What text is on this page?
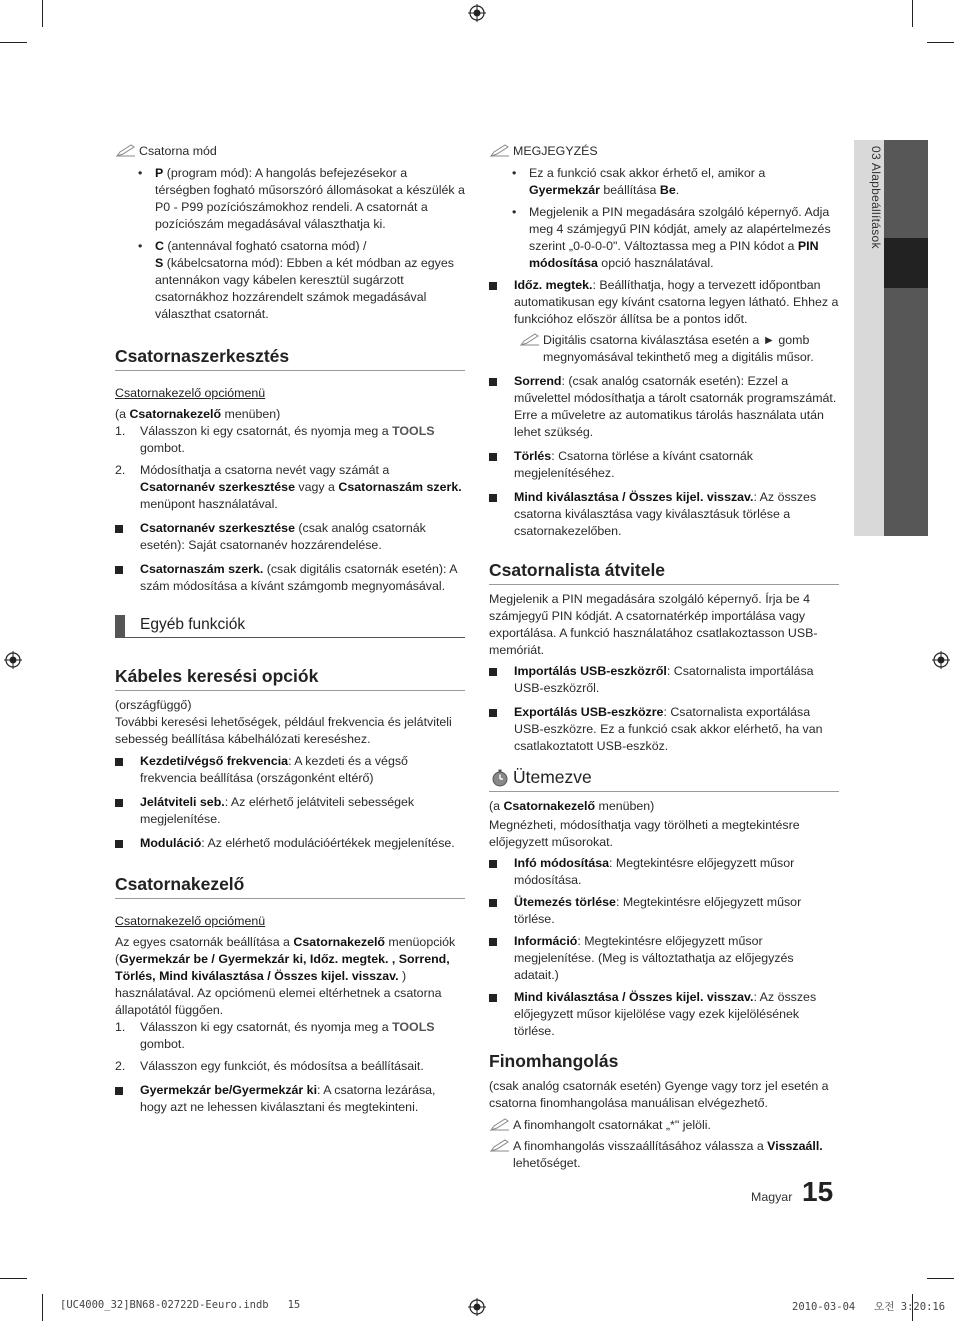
03 Alapbeállítások
Csatorna mód
• P (program mód): A hangolás befejezésekor a térségben fogható műsorszóró állomásokat a készülék a P0 - P99 pozíciószámokhoz rendeli. A csatornát a pozíciószám megadásával választhatja ki.
• C (antennával fogható csatorna mód) /
S (kábelcsatorna mód): Ebben a két módban az egyes antennákon vagy kábelen keresztül sugárzott csatornákhoz hozzárendelt számok megadásával választhat csatornát.
Csatornaszerkesztés
Csatornakezelő opciómenü
(a Csatornakezelő menüben)
1. Válasszon ki egy csatornát, és nyomja meg a TOOLS gombot.
2. Módosíthatja a csatorna nevét vagy számát a Csatornanév szerkesztése vagy a Csatornaszám szerk. menüpont használatával.
Csatornanév szerkesztése (csak analóg csatornák esetén): Saját csatornanév hozzárendelése.
Csatornaszám szerk. (csak digitális csatornák esetén): A szám módosítása a kívánt számgomb megnyomásával.
Egyéb funkciók
Kábeles keresési opciók
(országfüggő)
További keresési lehetőségek, például frekvencia és jelátviteli sebesség beállítása kábelhálózati kereséshez.
Kezdeti/végső frekvencia: A kezdeti és a végső frekvencia beállítása (országonként eltérő)
Jelátviteli seb.: Az elérhető jelátviteli sebességek megjelenítése.
Moduláció: Az elérhető modulációértékek megjelenítése.
Csatornakezelő
Csatornakezelő opciómenü
Az egyes csatornák beállítása a Csatornakezelő menüopciók (Gyermekzár be / Gyermekzár ki, Időz. megtek. , Sorrend, Törlés, Mind kiválasztása / Összes kijel. visszav. ) használatával. Az opciómenü elemei eltérhetnek a csatorna állapotától függően.
1. Válasszon ki egy csatornát, és nyomja meg a TOOLS gombot.
2. Válasszon egy funkciót, és módosítsa a beállításait.
Gyermekzár be/Gyermekzár ki: A csatorna lezárása, hogy azt ne lehessen kiválasztani és megtekinteni.
MEGJEGYZÉS
• Ez a funkció csak akkor érhető el, amikor a Gyermekzár beállítása Be.
• Megjelenik a PIN megadására szolgáló képernyő. Adja meg 4 számjegyű PIN kódját, amely az alapértelmezés szerint „0-0-0-0". Változtassa meg a PIN kódot a PIN módosítása opció használatával.
Időz. megtek.: Beállíthatja, hogy a tervezett időpontban automatikusan egy kívánt csatorna legyen látható. Ehhez a funkcióhoz először állítsa be a pontos időt.
Digitális csatorna kiválasztása esetén a ► gomb megnyomásával tekinthető meg a digitális műsor.
Sorrend: (csak analóg csatornák esetén): Ezzel a művelettel módosíthatja a tárolt csatornák programszámát. Erre a műveletre az automatikus tárolás használata után lehet szükség.
Törlés: Csatorna törlése a kívánt csatornák megjelenítéséhez.
Mind kiválasztása / Összes kijel. visszav.: Az összes csatorna kiválasztása vagy kiválasztásuk törlése a csatornakezelőben.
Csatornalista átvitele
Megjelenik a PIN megadására szolgáló képernyő. Írja be 4 számjegyű PIN kódját. A csatornatérkép importálása vagy exportálása. A funkció használatához csatlakoztasson USB-memóriát.
Importálás USB-eszközről: Csatornalista importálása USB-eszközről.
Exportálás USB-eszközre: Csatornalista exportálása USB-eszközre. Ez a funkció csak akkor elérhető, ha van csatlakoztatott USB-eszköz.
Ütemezve
(a Csatornakezelő menüben)
Megnézheti, módosíthatja vagy törölheti a megtekintésre előjegyzett műsorokat.
Infó módosítása: Megtekintésre előjegyzett műsor módosítása.
Ütemezés törlése: Megtekintésre előjegyzett műsor törlése.
Információ: Megtekintésre előjegyzett műsor megjelenítése. (Meg is változtathatja az előjegyzés adatait.)
Mind kiválasztása / Összes kijel. visszav.: Az összes előjegyzett műsor kijelölése vagy ezek kijelölésének törlése.
Finomhangolás
(csak analóg csatornák esetén) Gyenge vagy torz jel esetén a csatorna finomhangolása manuálisan elvégezhető.
A finomhangolt csatornákat „*" jelöli.
A finomhangolás visszaállításához válassza a Visszaáll. lehetőséget.
Magyar 15
[UC4000_32]BN68-02722D-Eeuro.indb   15	2010-03-04   오전 3:20:16
